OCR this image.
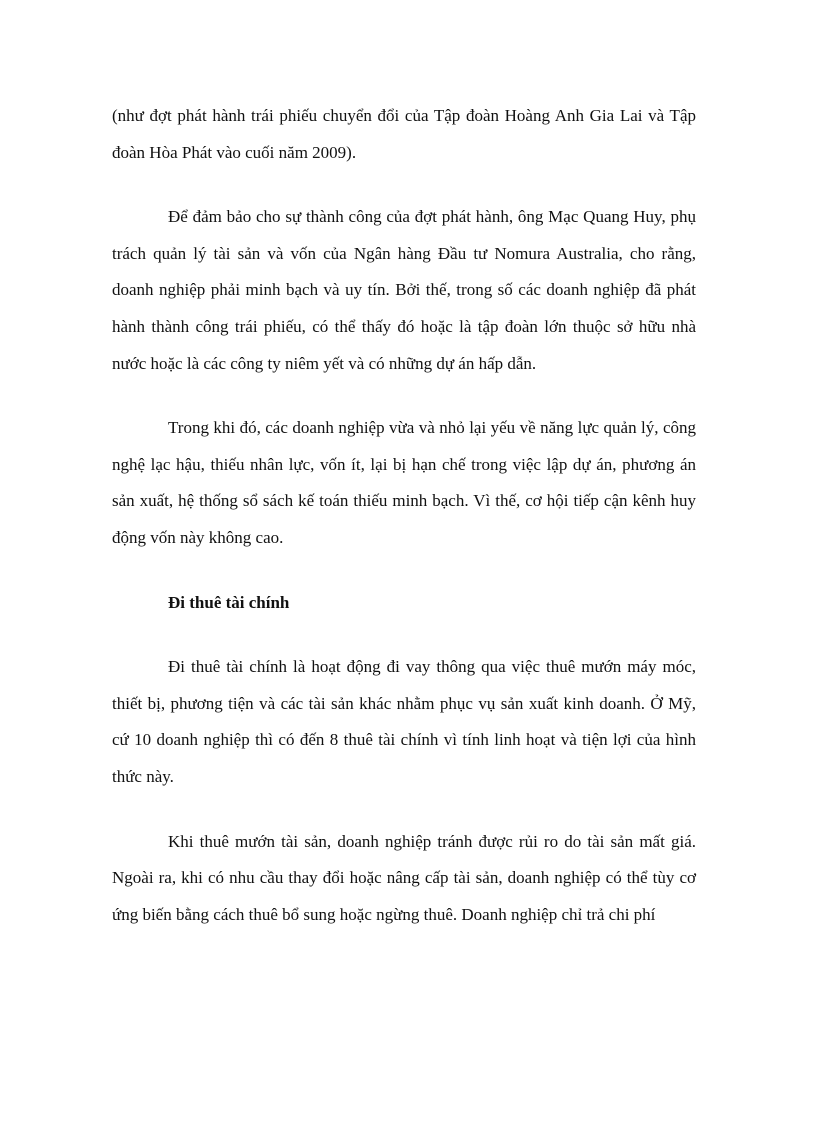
(như đợt phát hành trái phiếu chuyển đổi của Tập đoàn Hoàng Anh Gia Lai và Tập đoàn Hòa Phát vào cuối năm 2009).

Để đảm bảo cho sự thành công của đợt phát hành, ông Mạc Quang Huy, phụ trách quản lý tài sản và vốn của Ngân hàng Đầu tư Nomura Australia, cho rằng, doanh nghiệp phải minh bạch và uy tín. Bởi thế, trong số các doanh nghiệp đã phát hành thành công trái phiếu, có thể thấy đó hoặc là tập đoàn lớn thuộc sở hữu nhà nước hoặc là các công ty niêm yết và có những dự án hấp dẫn.

Trong khi đó, các doanh nghiệp vừa và nhỏ lại yếu về năng lực quản lý, công nghệ lạc hậu, thiếu nhân lực, vốn ít, lại bị hạn chế trong việc lập dự án, phương án sản xuất, hệ thống sổ sách kế toán thiếu minh bạch. Vì thế, cơ hội tiếp cận kênh huy động vốn này không cao.

Đi thuê tài chính

Đi thuê tài chính là hoạt động đi vay thông qua việc thuê mướn máy móc, thiết bị, phương tiện và các tài sản khác nhằm phục vụ sản xuất kinh doanh. Ở Mỹ, cứ 10 doanh nghiệp thì có đến 8 thuê tài chính vì tính linh hoạt và tiện lợi của hình thức này.

Khi thuê mướn tài sản, doanh nghiệp tránh được rủi ro do tài sản mất giá. Ngoài ra, khi có nhu cầu thay đổi hoặc nâng cấp tài sản, doanh nghiệp có thể tùy cơ ứng biến bằng cách thuê bổ sung hoặc ngừng thuê. Doanh nghiệp chỉ trả chi phí
